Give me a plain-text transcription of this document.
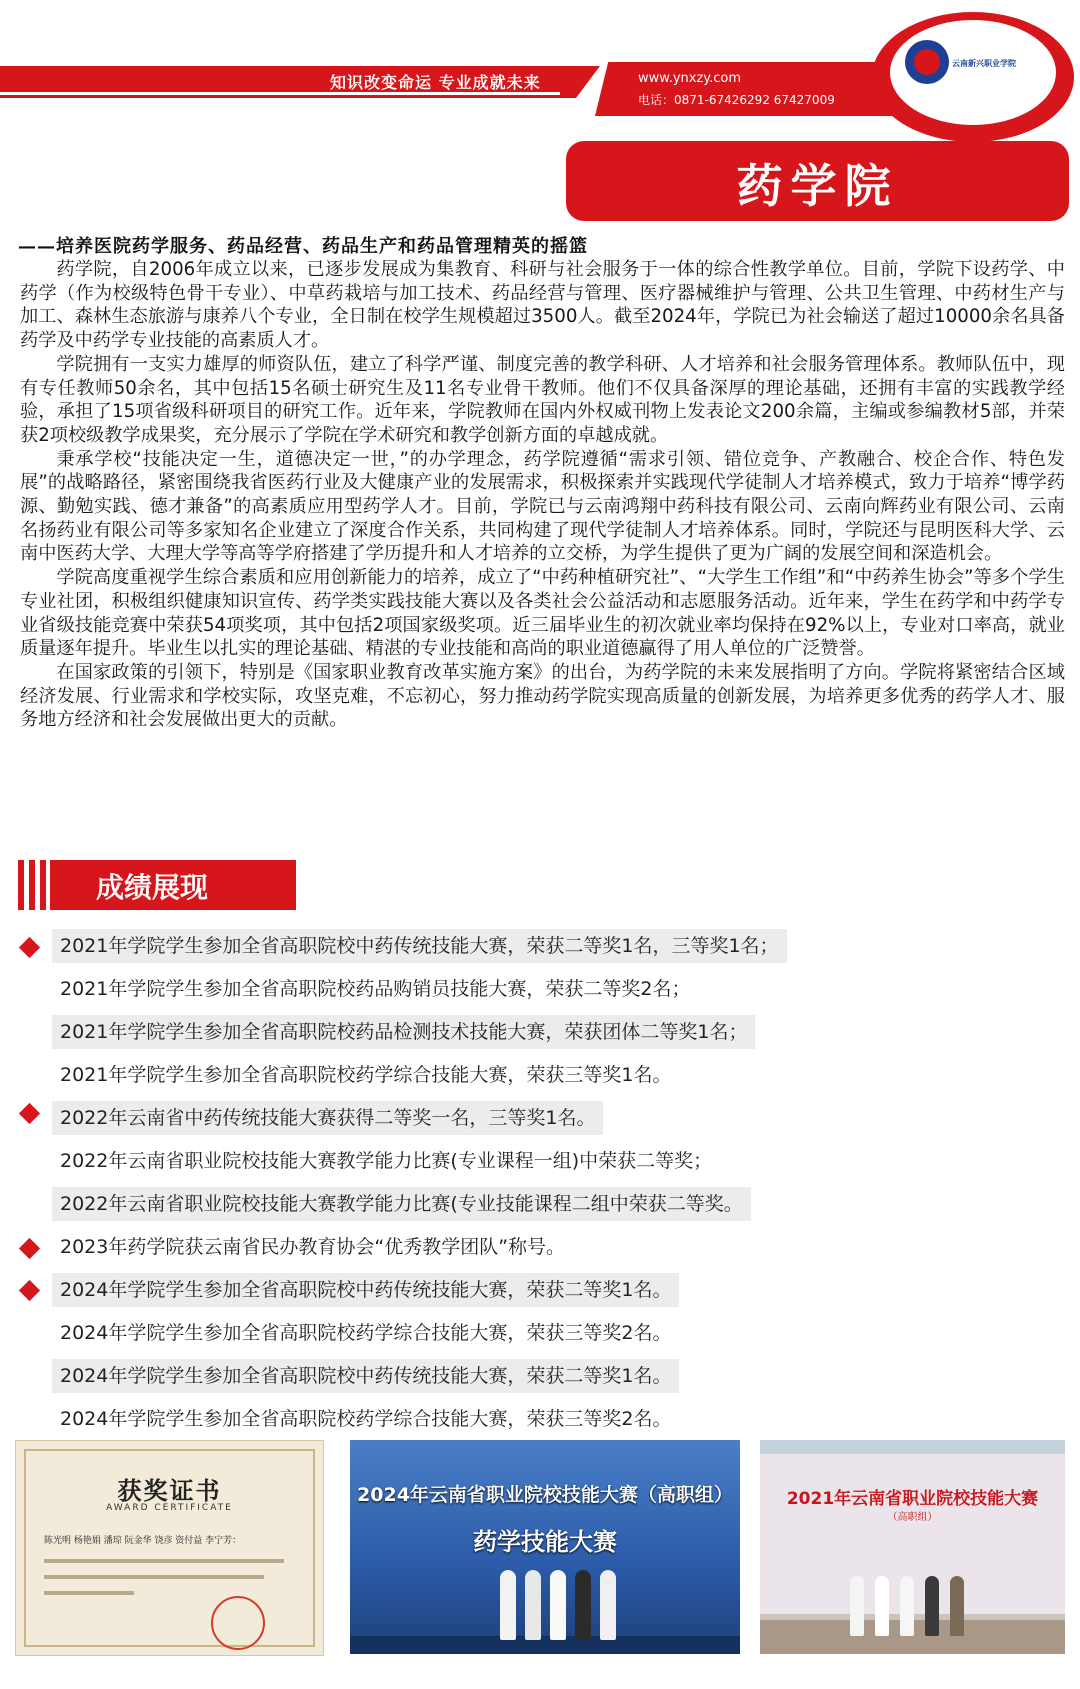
知识改变命运 专业成就未来	www.ynxzy.com
电话：0871-67426292 67427009
云南新兴职业学院
药学院
——培养医院药学服务、药品经营、药品生产和药品管理精英的摇篮

药学院，自2006年成立以来，已逐步发展成为集教育、科研与社会服务于一体的综合性教学单位。目前，学院下设药学、中药学（作为校级特色骨干专业）、中草药栽培与加工技术、药品经营与管理、医疗器械维护与管理、公共卫生管理、中药材生产与加工、森林生态旅游与康养八个专业，全日制在校学生规模超过3500人。截至2024年，学院已为社会输送了超过10000余名具备药学及中药学专业技能的高素质人才。

学院拥有一支实力雄厚的师资队伍，建立了科学严谨、制度完善的教学科研、人才培养和社会服务管理体系。教师队伍中，现有专任教师50余名，其中包括15名硕士研究生及11名专业骨干教师。他们不仅具备深厚的理论基础，还拥有丰富的实践教学经验，承担了15项省级科研项目的研究工作。近年来，学院教师在国内外权威刊物上发表论文200余篇，主编或参编教材5部，并荣获2项校级教学成果奖，充分展示了学院在学术研究和教学创新方面的卓越成就。

秉承学校“技能决定一生，道德决定一世，”的办学理念，药学院遵循“需求引领、错位竞争、产教融合、校企合作、特色发展”的战略路径，紧密围绕我省医药行业及大健康产业的发展需求，积极探索并实践现代学徒制人才培养模式，致力于培养“博学药源、勤勉实践、德才兼备”的高素质应用型药学人才。目前，学院已与云南鸿翔中药科技有限公司、云南向辉药业有限公司、云南名扬药业有限公司等多家知名企业建立了深度合作关系，共同构建了现代学徒制人才培养体系。同时，学院还与昆明医科大学、云南中医药大学、大理大学等高等学府搭建了学历提升和人才培养的立交桥，为学生提供了更为广阔的发展空间和深造机会。

学院高度重视学生综合素质和应用创新能力的培养，成立了“中药种植研究社”、“大学生工作组”和“中药养生协会”等多个学生专业社团，积极组织健康知识宣传、药学类实践技能大赛以及各类社会公益活动和志愿服务活动。近年来，学生在药学和中药学专业省级技能竞赛中荣获54项奖项，其中包括2项国家级奖项。近三届毕业生的初次就业率均保持在92%以上，专业对口率高，就业质量逐年提升。毕业生以扎实的理论基础、精湛的专业技能和高尚的职业道德赢得了用人单位的广泛赞誉。

在国家政策的引领下，特别是《国家职业教育改革实施方案》的出台，为药学院的未来发展指明了方向。学院将紧密结合区域经济发展、行业需求和学校实际，攻坚克难，不忘初心，努力推动药学院实现高质量的创新发展，为培养更多优秀的药学人才、服务地方经济和社会发展做出更大的贡献。

成绩展现
2021年学院学生参加全省高职院校中药传统技能大赛，荣获二等奖1名，三等奖1名；
2021年学院学生参加全省高职院校药品购销员技能大赛，荣获二等奖2名；
2021年学院学生参加全省高职院校药品检测技术技能大赛，荣获团体二等奖1名；
2021年学院学生参加全省高职院校药学综合技能大赛，荣获三等奖1名。
2022年云南省中药传统技能大赛获得二等奖一名，三等奖1名。
2022年云南省职业院校技能大赛教学能力比赛(专业课程一组)中荣获二等奖；
2022年云南省职业院校技能大赛教学能力比赛(专业技能课程二组中荣获二等奖。
2023年药学院获云南省民办教育协会“优秀教学团队”称号。
2024年学院学生参加全省高职院校中药传统技能大赛，荣获二等奖1名。
2024年学院学生参加全省高职院校药学综合技能大赛，荣获三等奖2名。
2024年学院学生参加全省高职院校中药传统技能大赛，荣获二等奖1名。
2024年学院学生参加全省高职院校药学综合技能大赛，荣获三等奖2名。
获奖证书
AWARD CERTIFICATE
陈光明 杨艳娟 潘琼 阮金华 饶彦 资付益 李宁芳：
2024年云南省职业院校技能大赛（高职组）
药学技能大赛
2021年云南省职业院校技能大赛
（高职组）
